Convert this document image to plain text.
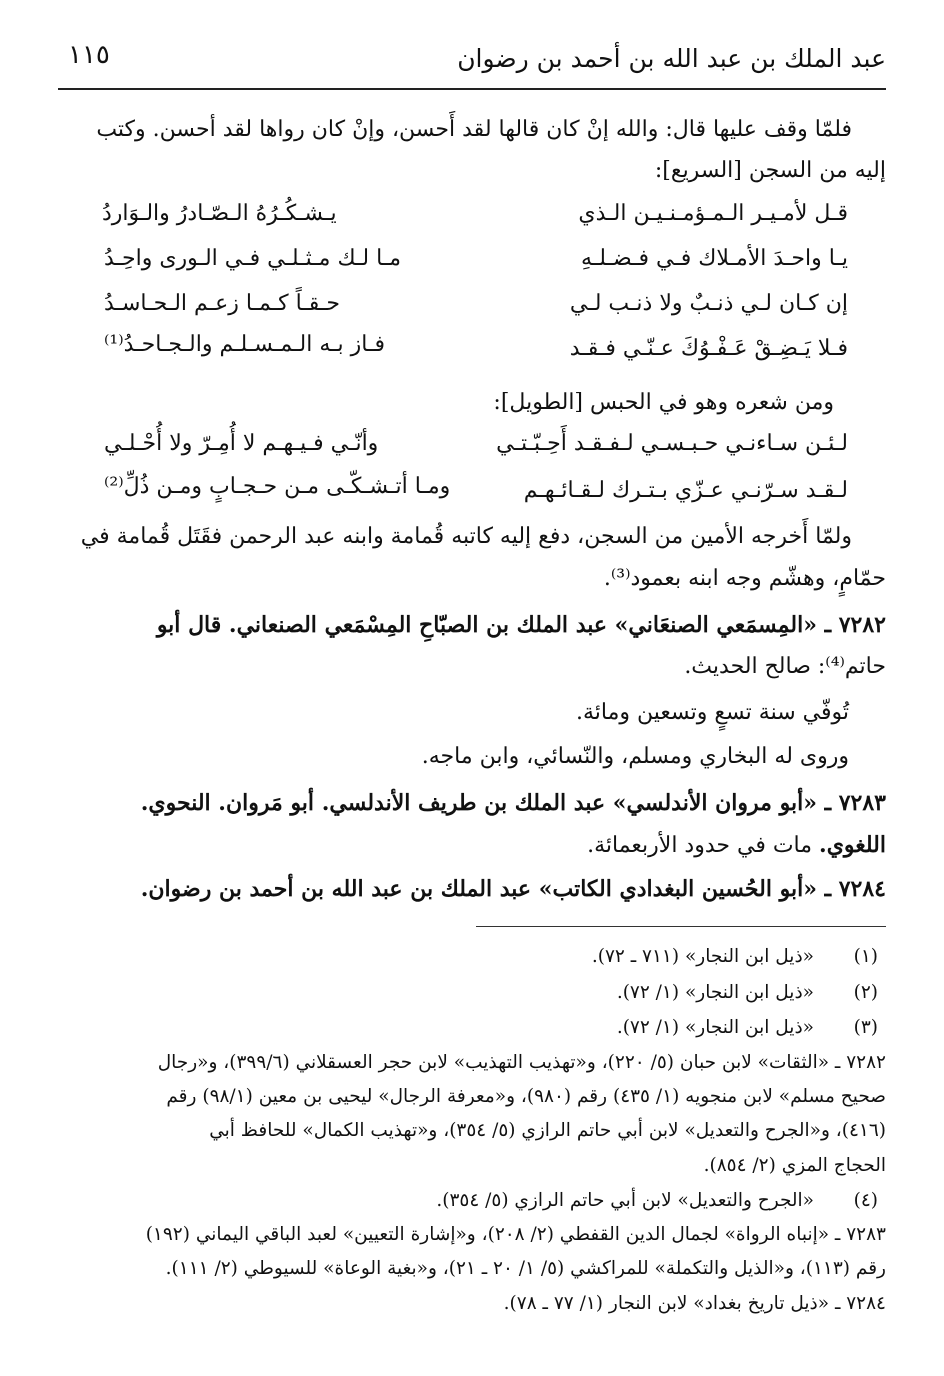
عبد الملك بن عبد الله بن أحمد بن رضوان
١١٥
فلمّا وقف عليها قال: والله إنْ كان قالها لقد أَحسن، وإنْ كان رواها لقد أحسن. وكتب
إليه من السجن [السريع]:
قـل لأمـيـر الـمـؤمـنـيـن الـذي
يـشـكُـرُهُ الـصّـادرُ والـوَاردُ
يـا واحـدَ الأمـلاك فـي فـضـلـهِ
مـا لـك مـثـلـي فـي الـورى واحِـدُ
إن كـان لـي ذنـبٌ ولا ذنـب لـي
حـقـاً كـمـا زعـم الـحـاسـدُ
فـلا يَـضِـقْ عَـفْـوُكَ عـنّـي فـقـد
فـاز بـه الـمـسـلـم والـجـاحـدُ⁽¹⁾
ومن شعره وهو في الحبس [الطويل]:
لـئـن سـاءنـي حـبـسـي لـفـقـد أَحِـبّـتـي
وأنّـي فـيـهـم لا أُمِـرّ ولا أُحْـلـي
لـقـد سـرّنـي عـزّي بـتـرك لـقـائـهـم
ومـا أتـشـكّـى مـن حـجـابٍ ومـن ذُلِّ⁽²⁾
ولمّا أَخرجه الأمين من السجن، دفع إليه كاتبه قُمامة وابنه عبد الرحمن فقَتَل قُمامة في
حمّامٍ، وهشّم وجه ابنه بعمود⁽³⁾.
٧٢٨٢ ـ «المِسمَعي الصنعَاني» عبد الملك بن الصبّاحِ المِسْمَعي الصنعاني. قال أبو
حاتم⁽⁴⁾: صالح الحديث.
تُوفّي سنة تسعٍ وتسعين ومائة.
وروى له البخاري ومسلم، والنّسائي، وابن ماجه.
٧٢٨٣ ـ «أبو مروان الأندلسي» عبد الملك بن طريف الأندلسي. أبو مَروان. النحوي.
اللغوي. مات في حدود الأربعمائة.
٧٢٨٤ ـ «أبو الحُسين البغدادي الكاتب» عبد الملك بن عبد الله بن أحمد بن رضوان.
(١)
«ذيل ابن النجار» (٧١١ ـ ٧٢).
(٢)
«ذيل ابن النجار» (١/ ٧٢).
(٣)
«ذيل ابن النجار» (١/ ٧٢).
٧٢٨٢ ـ «الثقات» لابن حبان (٥/ ٢٢٠)، و«تهذيب التهذيب» لابن حجر العسقلاني (٣٩٩/٦)، و«رجال
صحيح مسلم» لابن منجويه (١/ ٤٣٥) رقم (٩٨٠)، و«معرفة الرجال» ليحيى بن معين (٩٨/١) رقم
(٤١٦)، و«الجرح والتعديل» لابن أبي حاتم الرازي (٥/ ٣٥٤)، و«تهذيب الكمال» للحافظ أبي
الحجاج المزي (٢/ ٨٥٤).
(٤)
«الجرح والتعديل» لابن أبي حاتم الرازي (٥/ ٣٥٤).
٧٢٨٣ ـ «إنباه الرواة» لجمال الدين القفطي (٢/ ٢٠٨)، و«إشارة التعيين» لعبد الباقي اليماني (١٩٢)
رقم (١١٣)، و«الذيل والتكملة» للمراكشي (٥/ ١/ ٢٠ ـ ٢١)، و«بغية الوعاة» للسيوطي (٢/ ١١١).
٧٢٨٤ ـ «ذيل تاريخ بغداد» لابن النجار (١/ ٧٧ ـ ٧٨).
